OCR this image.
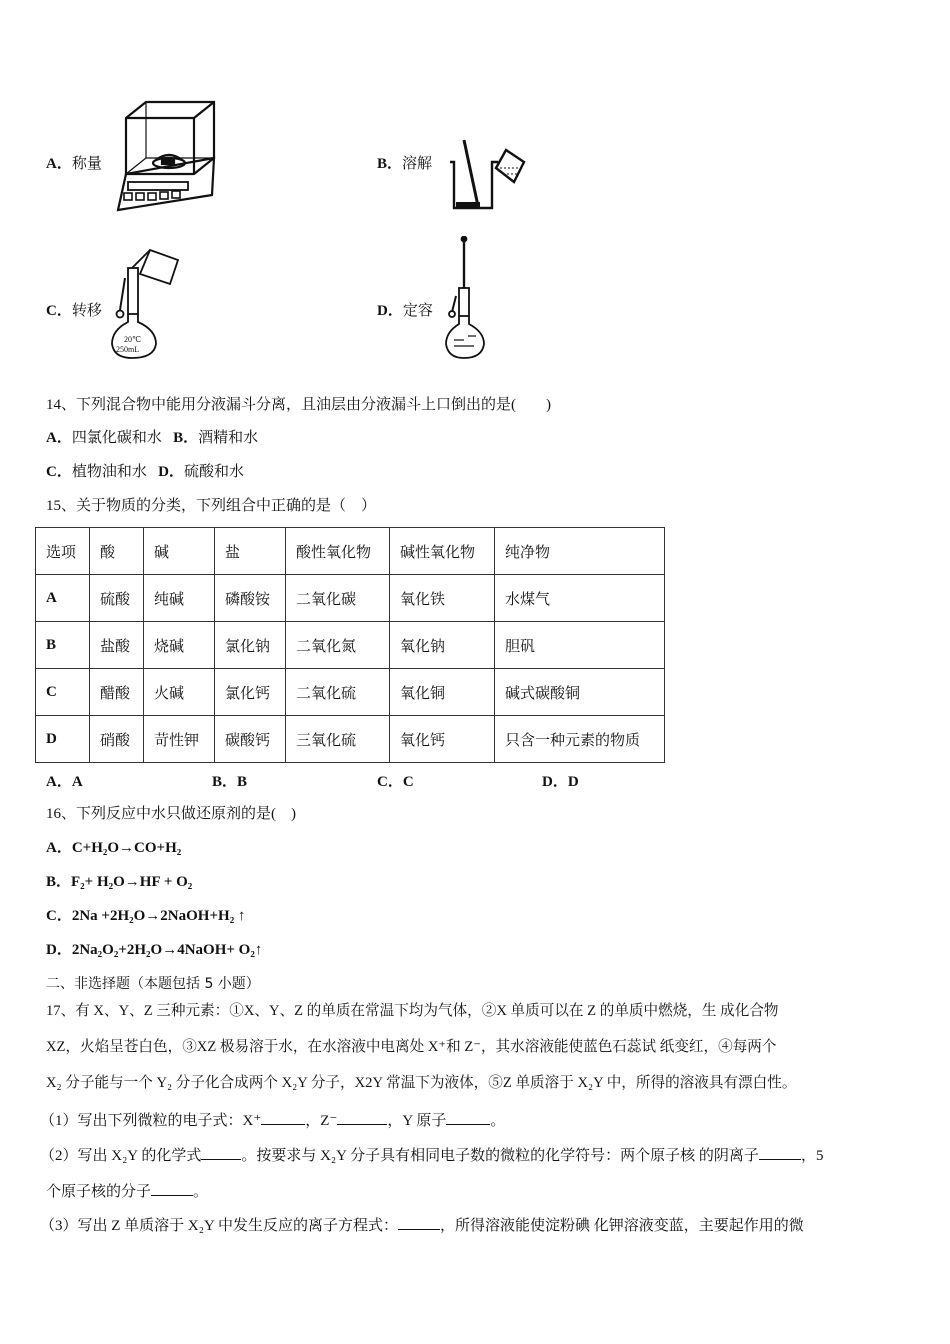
A．称量	B．溶解
C．转移	D．定容
20℃
250mL
14、下列混合物中能用分液漏斗分离，且油层由分液漏斗上口倒出的是(　　)
A．四氯化碳和水 B．酒精和水
C．植物油和水 D．硫酸和水
15、关于物质的分类，下列组合中正确的是（　）
选项	酸	碱	盐	酸性氧化物	碱性氧化物	纯净物
A	硫酸	纯碱	磷酸铵	二氧化碳	氧化铁	水煤气
B	盐酸	烧碱	氯化钠	二氧化氮	氧化钠	胆矾
C	醋酸	火碱	氯化钙	二氧化硫	氧化铜	碱式碳酸铜
D	硝酸	苛性钾	碳酸钙	三氧化硫	氧化钙	只含一种元素的物质
A．A	B．B	C．C	D．D
16、下列反应中水只做还原剂的是(　)
A．C+H₂O→CO+H₂
B．F₂+ H₂O→HF + O₂
C．2Na +2H₂O→2NaOH+H₂ ↑
D．2Na₂O₂+2H₂O→4NaOH+ O₂↑
二、非选择题（本题包括 5 小题）
17、有 X、Y、Z 三种元素：①X、Y、Z 的单质在常温下均为气体，②X 单质可以在 Z 的单质中燃烧，生 成化合物
XZ，火焰呈苍白色，③XZ 极易溶于水，在水溶液中电离处 X⁺和 Z⁻，其水溶液能使蓝色石蕊试 纸变红，④每两个
X₂ 分子能与一个 Y₂ 分子化合成两个 X₂Y 分子，X2Y 常温下为液体，⑤Z 单质溶于 X₂Y 中，所得的溶液具有漂白性。
（1）写出下列微粒的电子式：X⁺	，Z⁻	，Y 原子	。
（2）写出 X₂Y 的化学式	。按要求与 X₂Y 分子具有相同电子数的微粒的化学符号：两个原子核 的阴离子	，5
个原子核的分子	。
（3）写出 Z 单质溶于 X₂Y 中发生反应的离子方程式：	，所得溶液能使淀粉碘 化钾溶液变蓝，主要起作用的微
